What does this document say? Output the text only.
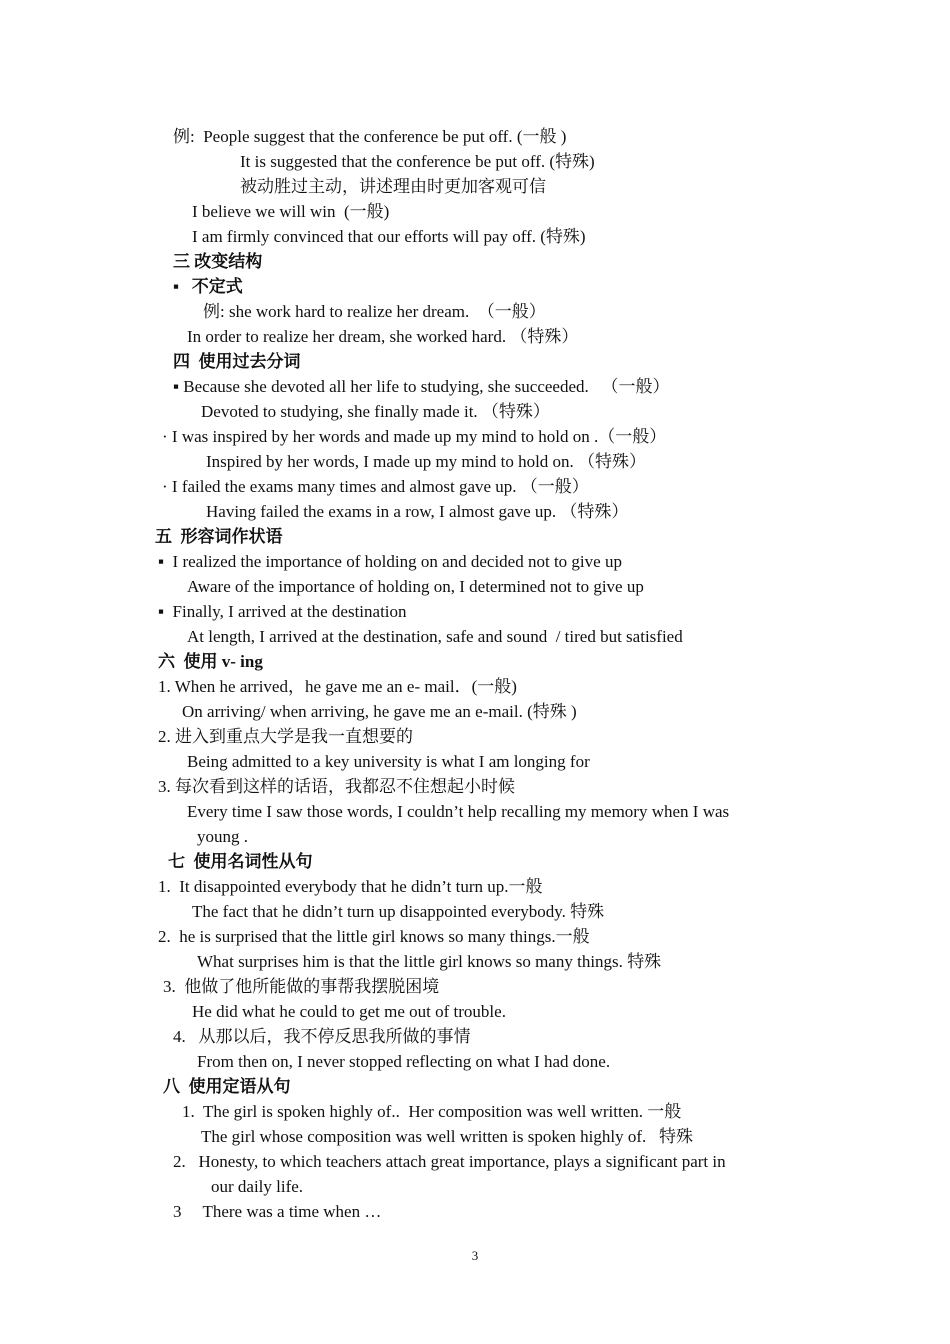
例:  People suggest that the conference be put off. (一般 )
It is suggested that the conference be put off. (特殊)
被动胜过主动，讲述理由时更加客观可信
I believe we will win  (一般)
I am firmly convinced that our efforts will pay off. (特殊)
三 改变结构
▪   不定式
例: she work hard to realize her dream.  （一般）
In order to realize her dream, she worked hard. （特殊）
四  使用过去分词
▪ Because she devoted all her life to studying, she succeeded.   （一般）
Devoted to studying, she finally made it. （特殊）
· I was inspired by her words and made up my mind to hold on .（一般）
Inspired by her words, I made up my mind to hold on. （特殊）
· I failed the exams many times and almost gave up. （一般）
Having failed the exams in a row, I almost gave up. （特殊）
五  形容词作状语
▪  I realized the importance of holding on and decided not to give up
Aware of the importance of holding on, I determined not to give up
▪  Finally, I arrived at the destination
At length, I arrived at the destination, safe and sound  / tired but satisfied
六  使用 v- ing
1. When he arrived，he gave me an e- mail．(一般)
On arriving/ when arriving, he gave me an e-mail. (特殊 )
2. 进入到重点大学是我一直想要的
Being admitted to a key university is what I am longing for
3. 每次看到这样的话语，我都忍不住想起小时候
Every time I saw those words, I couldn’t help recalling my memory when I was
young .
七  使用名词性从句
1.  It disappointed everybody that he didn’t turn up.一般
The fact that he didn’t turn up disappointed everybody. 特殊
2.  he is surprised that the little girl knows so many things.一般
What surprises him is that the little girl knows so many things. 特殊
3.  他做了他所能做的事帮我摆脱困境
He did what he could to get me out of trouble.
4.   从那以后，我不停反思我所做的事情
From then on, I never stopped reflecting on what I had done.
八  使用定语从句
1.  The girl is spoken highly of..  Her composition was well written. 一般
The girl whose composition was well written is spoken highly of.   特殊
2.   Honesty, to which teachers attach great importance, plays a significant part in
our daily life.
3     There was a time when …
3
